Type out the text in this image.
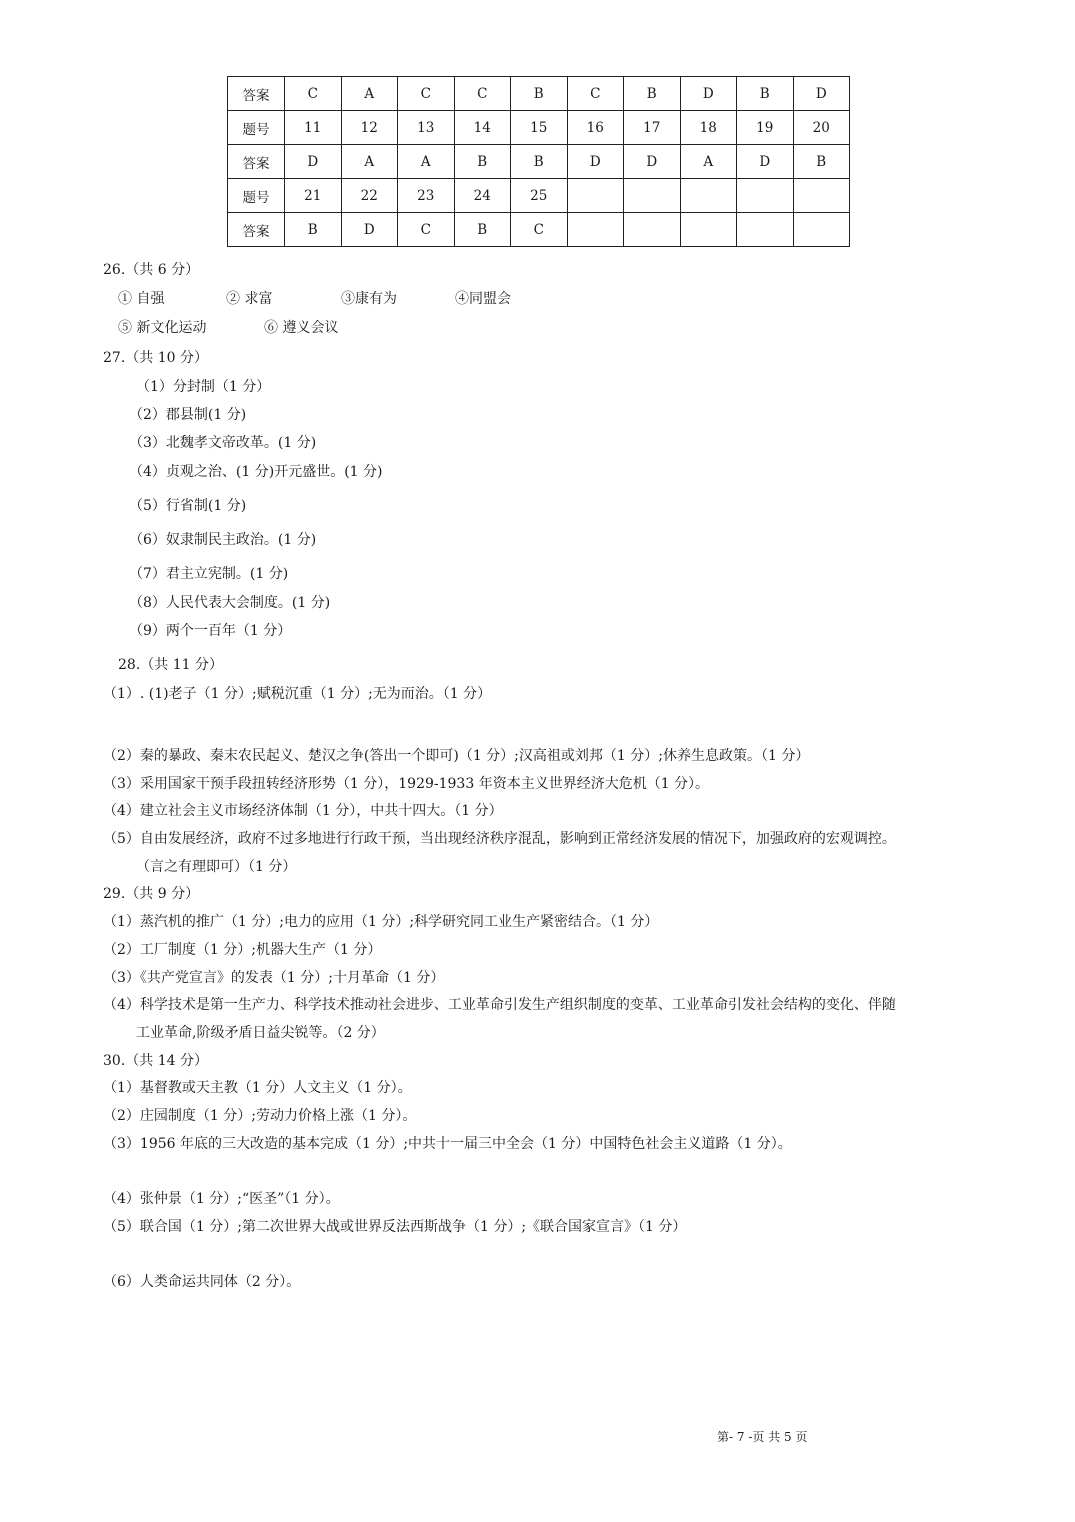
答案	C	A	C	C	B	C	B	D	B	D
题号	11	12	13	14	15	16	17	18	19	20
答案	D	A	A	B	B	D	D	A	D	B
题号	21	22	23	24	25					
答案	B	D	C	B	C					
26.（共 6 分）
① 自强	② 求富	③康有为	④同盟会
⑤ 新文化运动	⑥ 遵义会议
27.（共 10 分）
（1）分封制（1 分）
（2）郡县制(1 分)
（3）北魏孝文帝改革。(1 分)
（4）贞观之治、(1 分)开元盛世。(1 分)
（5）行省制(1 分)
（6）奴隶制民主政治。(1 分)
（7）君主立宪制。(1 分)
（8）人民代表大会制度。(1 分)
（9）两个一百年（1 分）
28.（共 11 分）
（1）. (1)老子（1 分）;赋税沉重（1 分）;无为而治。（1 分）
（2）秦的暴政、秦末农民起义、楚汉之争(答出一个即可)（1 分）;汉高祖或刘邦（1 分）;休养生息政策。（1 分）
（3）采用国家干预手段扭转经济形势（1 分），1929-1933 年资本主义世界经济大危机（1 分）。
（4）建立社会主义市场经济体制（1 分），中共十四大。（1 分）
（5）自由发展经济，政府不过多地进行行政干预，当出现经济秩序混乱，影响到正常经济发展的情况下，加强政府的宏观调控。
（言之有理即可）（1 分）
29.（共 9 分）
（1）蒸汽机的推广（1 分）;电力的应用（1 分）;科学研究同工业生产紧密结合。（1 分）
（2）工厂制度（1 分）;机器大生产（1 分）
（3）《共产党宣言》的发表（1 分）;十月革命（1 分）
（4）科学技术是第一生产力、科学技术推动社会进步、工业革命引发生产组织制度的变革、工业革命引发社会结构的变化、伴随
工业革命,阶级矛盾日益尖锐等。（2 分）
30.（共 14 分）
（1）基督教或天主教（1 分）人文主义（1 分）。
（2）庄园制度（1 分）;劳动力价格上涨（1 分）。
（3）1956 年底的三大改造的基本完成（1 分）;中共十一届三中全会（1 分）中国特色社会主义道路（1 分）。
（4）张仲景（1 分）;“医圣”（1 分）。
（5）联合国（1 分）;第二次世界大战或世界反法西斯战争（1 分）;《联合国家宣言》（1 分）
（6）人类命运共同体（2 分）。
第- 7 -页 共 5 页
